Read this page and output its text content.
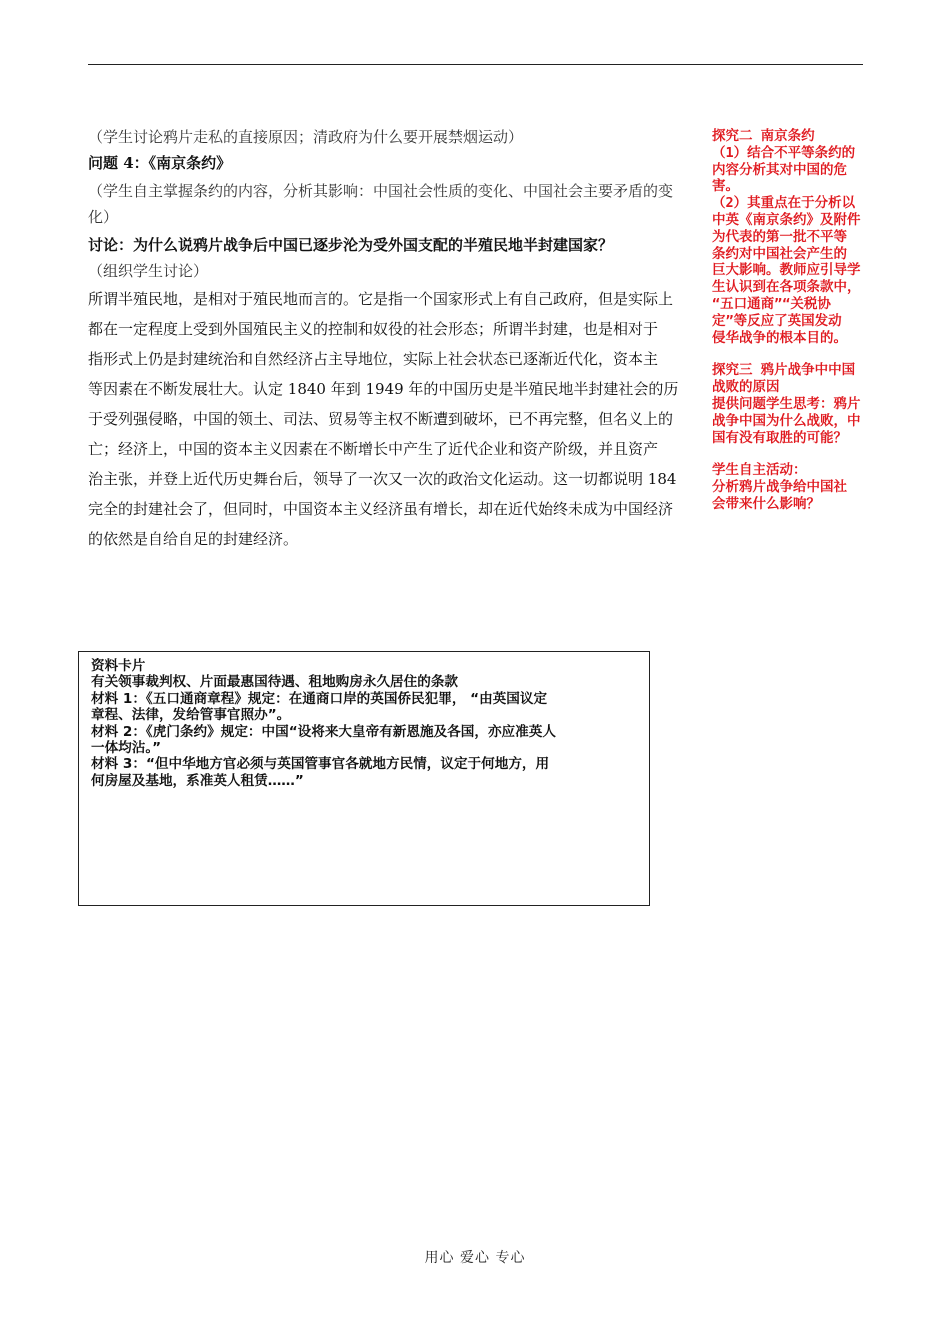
（学生讨论鸦片走私的直接原因；清政府为什么要开展禁烟运动）
问题 4：《南京条约》
（学生自主掌握条约的内容，分析其影响：中国社会性质的变化、中国社会主要矛盾的变
化）
讨论：为什么说鸦片战争后中国已逐步沦为受外国支配的半殖民地半封建国家？
（组织学生讨论）
所谓半殖民地，是相对于殖民地而言的。它是指一个国家形式上有自己政府，但是实际上
都在一定程度上受到外国殖民主义的控制和奴役的社会形态；所谓半封建，也是相对于
指形式上仍是封建统治和自然经济占主导地位，实际上社会状态已逐渐近代化，资本主
等因素在不断发展壮大。认定 1840 年到 1949 年的中国历史是半殖民地半封建社会的历
于受列强侵略，中国的领土、司法、贸易等主权不断遭到破坏，已不再完整，但名义上的
亡；经济上，中国的资本主义因素在不断增长中产生了近代企业和资产阶级，并且资产
治主张，并登上近代历史舞台后，领导了一次又一次的政治文化运动。这一切都说明 184
完全的封建社会了，但同时，中国资本主义经济虽有增长，却在近代始终未成为中国经济
的依然是自给自足的封建经济。
探究二 南京条约
（1）结合不平等条约的
内容分析其对中国的危
害。
（2）其重点在于分析以
中英《南京条约》及附件
为代表的第一批不平等
条约对中国社会产生的
巨大影响。教师应引导学
生认识到在各项条款中，
“五口通商”“关税协
定”等反应了英国发动
侵华战争的根本目的。
探究三 鸦片战争中中国
战败的原因
提供问题学生思考：鸦片
战争中国为什么战败，中
国有没有取胜的可能？
学生自主活动：
分析鸦片战争给中国社
会带来什么影响？
资料卡片
有关领事裁判权、片面最惠国待遇、租地购房永久居住的条款
材料 1：《五口通商章程》规定：在通商口岸的英国侨民犯罪， “由英国议定
章程、法律，发给管事官照办”。
材料 2：《虎门条约》规定：中国“设将来大皇帝有新恩施及各国，亦应准英人
一体均沾。”
材料 3：“但中华地方官必须与英国管事官各就地方民情，议定于何地方，用
何房屋及基地，系准英人租赁……”
用心 爱心 专心
